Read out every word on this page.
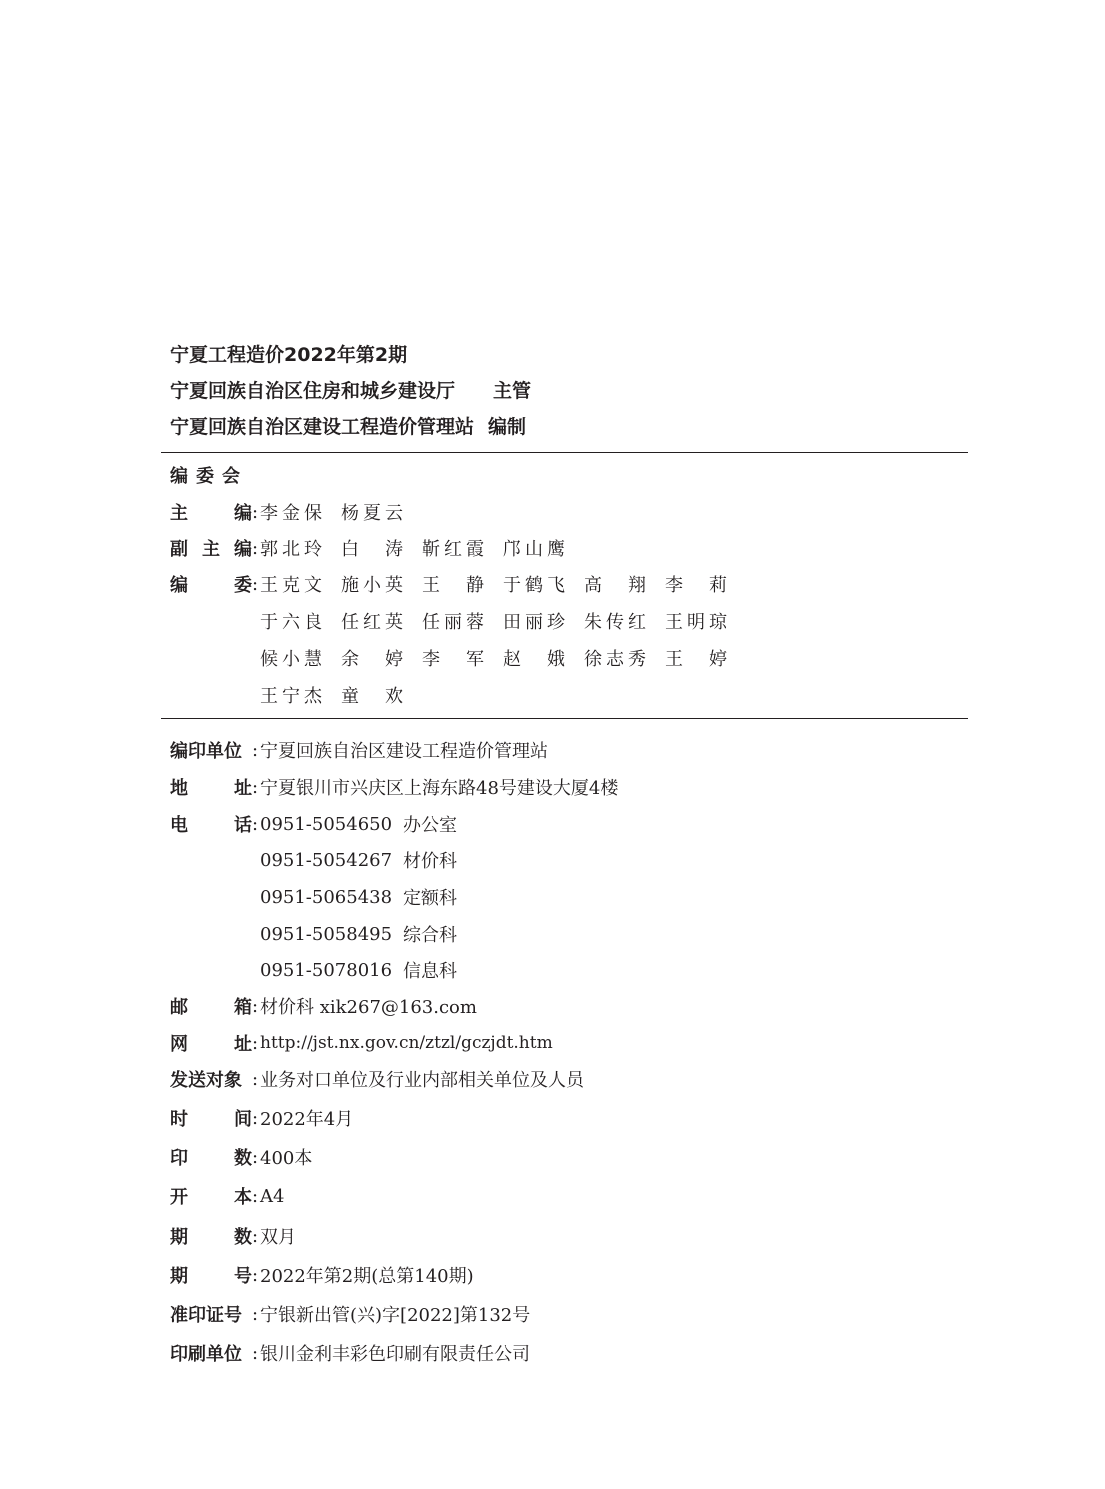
宁夏工程造价2022年第2期
宁夏回族自治区住房和城乡建设厅 主管
宁夏回族自治区建设工程造价管理站 编制
编委会
主	编 : 李 金 保 杨 夏 云
副 主 编 : 郭 北 玲 白 涛 靳 红 霞 邝 山 鹰
编	委 : 王 克 文 施 小 英 王 静 于 鹤 飞 高 翔 李 莉
于 六 良 任 红 英 任 丽 蓉 田 丽 珍 朱 传 红 王 明 琼
候 小 慧 余 婷 李 军 赵 娥 徐 志 秀 王 婷
王 宁 杰 童 欢
编印单位 : 宁夏回族自治区建设工程造价管理站
地	址 : 宁夏银川市兴庆区上海东路48号建设大厦4楼
电	话 : 0951-5054650 办公室
0951-5054267 材价科
0951-5065438 定额科
0951-5058495 综合科
0951-5078016 信息科
邮	箱 : 材价科 xik267@163.com
网	址 : http://jst.nx.gov.cn/ztzl/gczjdt.htm
发送对象 : 业务对口单位及行业内部相关单位及人员
时	间 : 2022年4月
印	数 : 400本
开	本 : A4
期	数 : 双月
期	号 : 2022年第2期(总第140期)
准印证号 : 宁银新出管(兴)字[2022]第132号
印刷单位 : 银川金利丰彩色印刷有限责任公司
